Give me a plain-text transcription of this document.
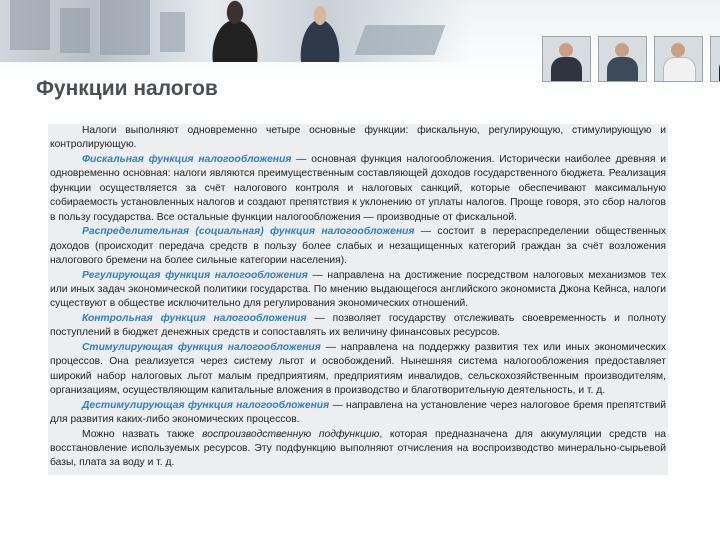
Функции налогов

Налоги выполняют одновременно четыре основные функции: фискальную, регулирующую, стимулирующую и контролирующую.

Фискальная функция налогообложения — основная функция налогообложения. Исторически наиболее древняя и одновременно основная: налоги являются преимущественным составляющей доходов государственного бюджета. Реализация функции осуществляется за счёт налогового контроля и налоговых санкций, которые обеспечивают максимальную собираемость установленных налогов и создают препятствия к уклонению от уплаты налогов. Проще говоря, это сбор налогов в пользу государства. Все остальные функции налогообложения — производные от фискальной.

Распределительная (социальная) функция налогообложения — состоит в перераспределении общественных доходов (происходит передача средств в пользу более слабых и незащищенных категорий граждан за счёт возложения налогового бремени на более сильные категории населения).

Регулирующая функция налогообложения — направлена на достижение посредством налоговых механизмов тех или иных задач экономической политики государства. По мнению выдающегося английского экономиста Джона Кейнса, налоги существуют в обществе исключительно для регулирования экономических отношений.

Контрольная функция налогообложения — позволяет государству отслеживать своевременность и полноту поступлений в бюджет денежных средств и сопоставлять их величину финансовых ресурсов.

Стимулирующая функция налогообложения — направлена на поддержку развития тех или иных экономических процессов. Она реализуется через систему льгот и освобождений. Нынешняя система налогообложения предоставляет широкий набор налоговых льгот малым предприятиям, предприятиям инвалидов, сельскохозяйственным производителям, организациям, осуществляющим капитальные вложения в производство и благотворительную деятельность, и т. д.

Дестимулирующая функция налогообложения — направлена на установление через налоговое бремя препятствий для развития каких-либо экономических процессов.

Можно назвать также воспроизводственную подфункцию, которая предназначена для аккумуляции средств на восстановление используемых ресурсов. Эту подфункцию выполняют отчисления на воспроизводство минерально-сырьевой базы, плата за воду и т. д.
